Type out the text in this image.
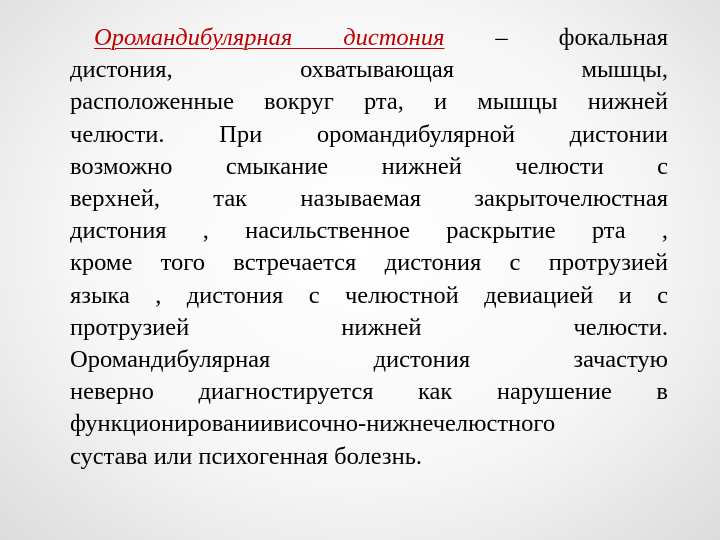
Оромандибулярная дистония – фокальная
дистония, охватывающая мышцы,
расположенные вокруг рта, и мышцы нижней
челюсти. При оромандибулярной дистонии
возможно смыкание нижней челюсти с
верхней, так называемая закрыточелюстная
дистония , насильственное раскрытие рта ,
кроме того встречается дистония с протрузией
языка , дистония с челюстной девиацией и с
протрузией нижней челюсти.
Оромандибулярная дистония зачастую
неверно диагностируется как нарушение в
функционированиивисочно-нижнечелюстного
сустава или психогенная болезнь.
